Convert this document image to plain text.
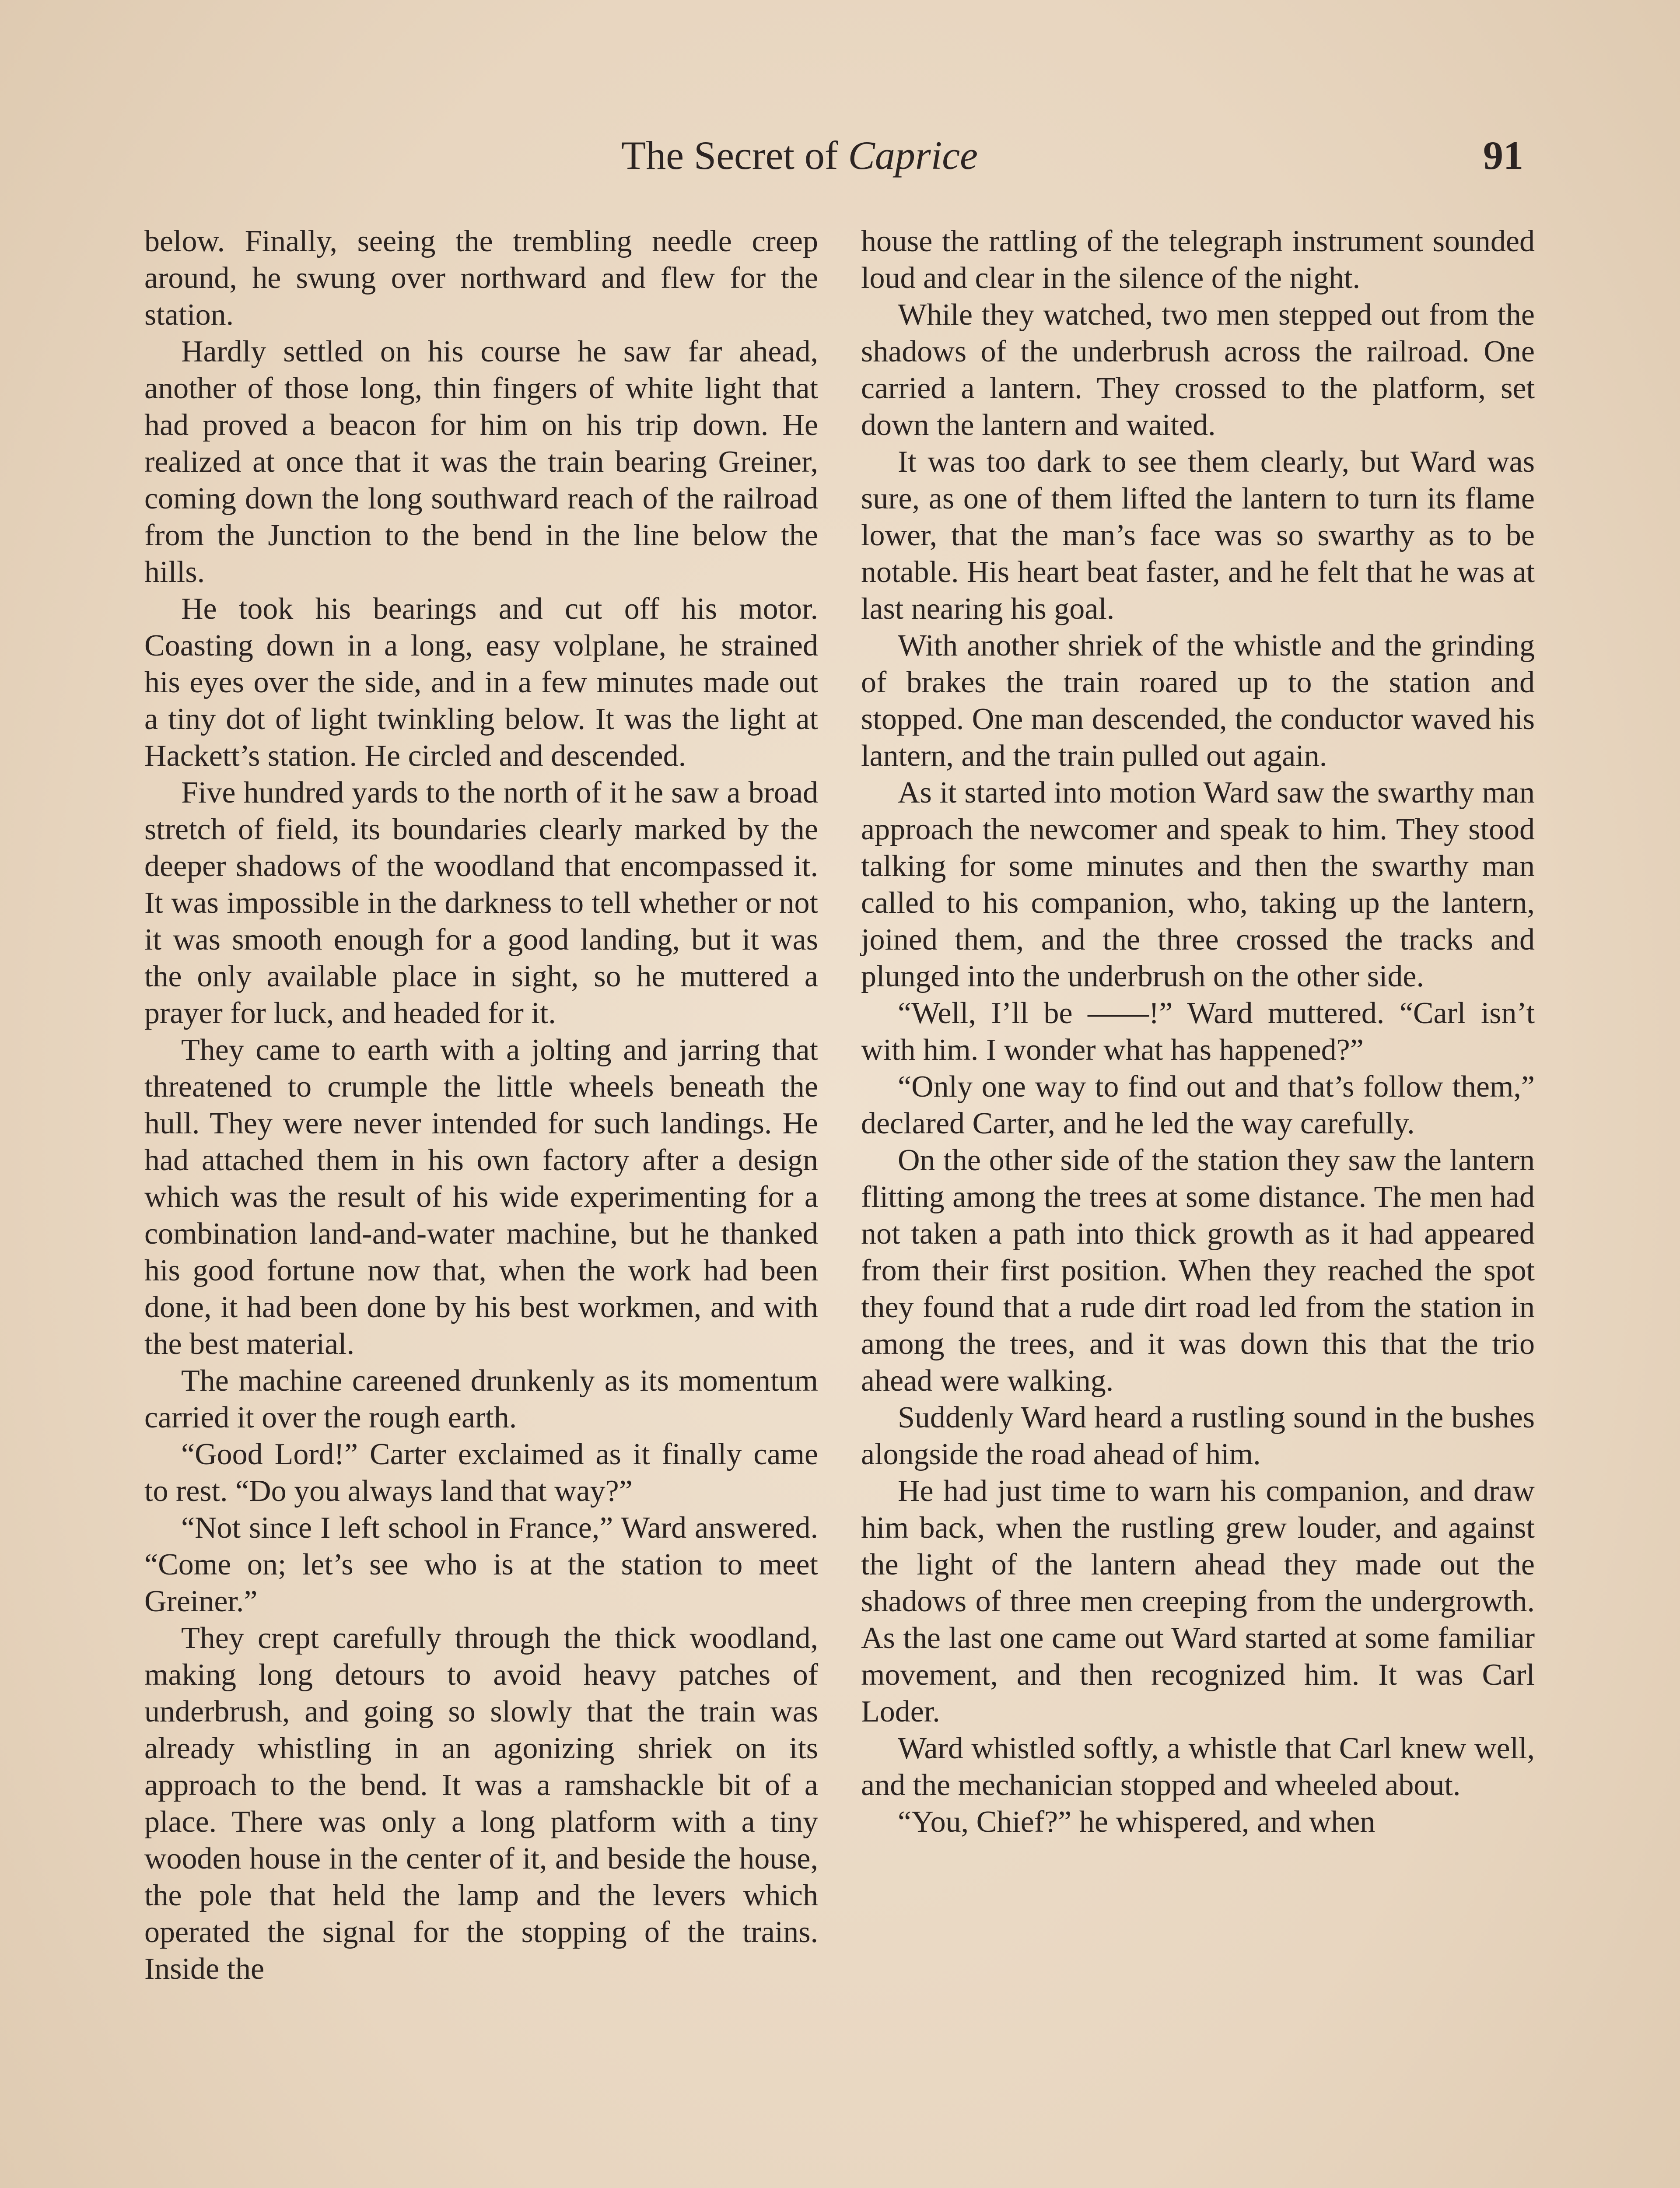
The Secret of Caprice	91

below. Finally, seeing the trembling needle creep around, he swung over northward and flew for the station.

Hardly settled on his course he saw far ahead, another of those long, thin fingers of white light that had proved a beacon for him on his trip down. He realized at once that it was the train bearing Greiner, coming down the long southward reach of the railroad from the Junction to the bend in the line below the hills.

He took his bearings and cut off his motor. Coasting down in a long, easy volplane, he strained his eyes over the side, and in a few minutes made out a tiny dot of light twinkling below. It was the light at Hackett’s station. He circled and descended.

Five hundred yards to the north of it he saw a broad stretch of field, its boundaries clearly marked by the deeper shadows of the woodland that encompassed it. It was impossible in the darkness to tell whether or not it was smooth enough for a good landing, but it was the only available place in sight, so he muttered a prayer for luck, and headed for it.

They came to earth with a jolting and jarring that threatened to crumple the little wheels beneath the hull. They were never intended for such landings. He had attached them in his own factory after a design which was the result of his wide experimenting for a combination land-and-water machine, but he thanked his good fortune now that, when the work had been done, it had been done by his best workmen, and with the best material.

The machine careened drunkenly as its momentum carried it over the rough earth.

“Good Lord!” Carter exclaimed as it finally came to rest. “Do you always land that way?”

“Not since I left school in France,” Ward answered. “Come on; let’s see who is at the station to meet Greiner.”

They crept carefully through the thick woodland, making long detours to avoid heavy patches of underbrush, and going so slowly that the train was already whistling in an agonizing shriek on its approach to the bend. It was a ramshackle bit of a place. There was only a long platform with a tiny wooden house in the center of it, and beside the house, the pole that held the lamp and the levers which operated the signal for the stopping of the trains. Inside the

house the rattling of the telegraph instrument sounded loud and clear in the silence of the night.

While they watched, two men stepped out from the shadows of the underbrush across the railroad. One carried a lantern. They crossed to the platform, set down the lantern and waited.

It was too dark to see them clearly, but Ward was sure, as one of them lifted the lantern to turn its flame lower, that the man’s face was so swarthy as to be notable. His heart beat faster, and he felt that he was at last nearing his goal.

With another shriek of the whistle and the grinding of brakes the train roared up to the station and stopped. One man descended, the conductor waved his lantern, and the train pulled out again.

As it started into motion Ward saw the swarthy man approach the newcomer and speak to him. They stood talking for some minutes and then the swarthy man called to his companion, who, taking up the lantern, joined them, and the three crossed the tracks and plunged into the underbrush on the other side.

“Well, I’ll be ——!” Ward muttered. “Carl isn’t with him. I wonder what has happened?”

“Only one way to find out and that’s follow them,” declared Carter, and he led the way carefully.

On the other side of the station they saw the lantern flitting among the trees at some distance. The men had not taken a path into thick growth as it had appeared from their first position. When they reached the spot they found that a rude dirt road led from the station in among the trees, and it was down this that the trio ahead were walking.

Suddenly Ward heard a rustling sound in the bushes alongside the road ahead of him.

He had just time to warn his companion, and draw him back, when the rustling grew louder, and against the light of the lantern ahead they made out the shadows of three men creeping from the undergrowth. As the last one came out Ward started at some familiar movement, and then recognized him. It was Carl Loder.

Ward whistled softly, a whistle that Carl knew well, and the mechanician stopped and wheeled about.

“You, Chief?” he whispered, and when
